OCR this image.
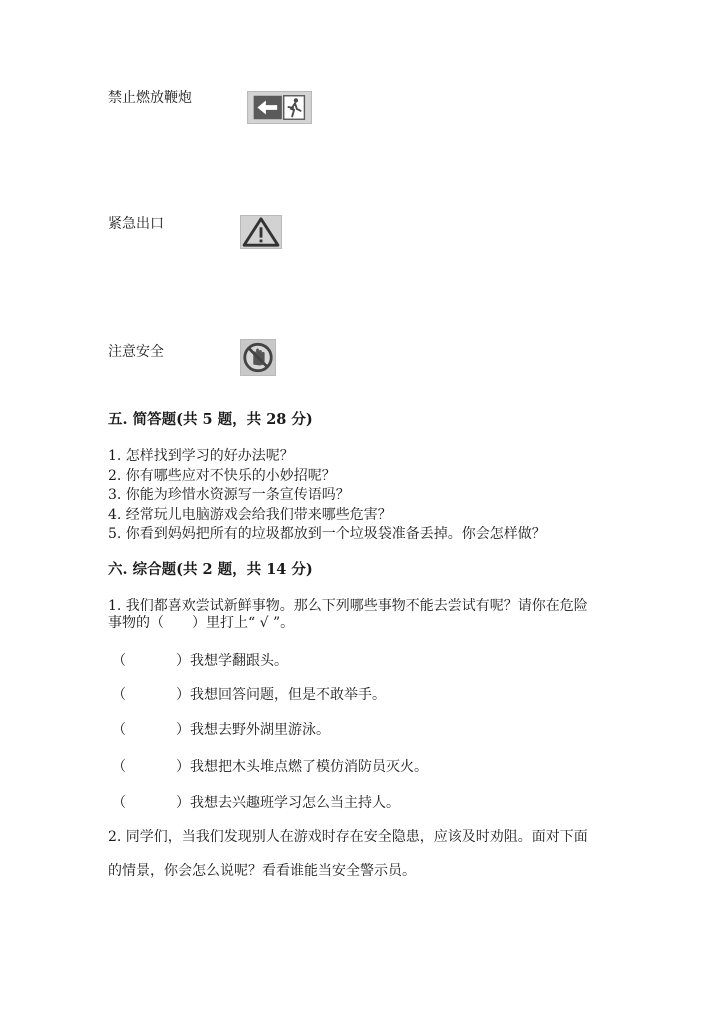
禁止燃放鞭炮
紧急出口
注意安全
五. 简答题(共 5 题，共 28 分)
1. 怎样找到学习的好办法呢？
2. 你有哪些应对不快乐的小妙招呢？
3. 你能为珍惜水资源写一条宣传语吗？
4. 经常玩儿电脑游戏会给我们带来哪些危害？
5. 你看到妈妈把所有的垃圾都放到一个垃圾袋准备丢掉。你会怎样做？
六. 综合题(共 2 题，共 14 分)
1. 我们都喜欢尝试新鲜事物。那么下列哪些事物不能去尝试有呢？请你在危险
事物的（　　）里打上“ √ ”。
（	）我想学翻跟头。
（	）我想回答问题，但是不敢举手。
（	）我想去野外湖里游泳。
（	）我想把木头堆点燃了模仿消防员灭火。
（	）我想去兴趣班学习怎么当主持人。
2. 同学们，当我们发现别人在游戏时存在安全隐患，应该及时劝阻。面对下面
的情景，你会怎么说呢？看看谁能当安全警示员。
